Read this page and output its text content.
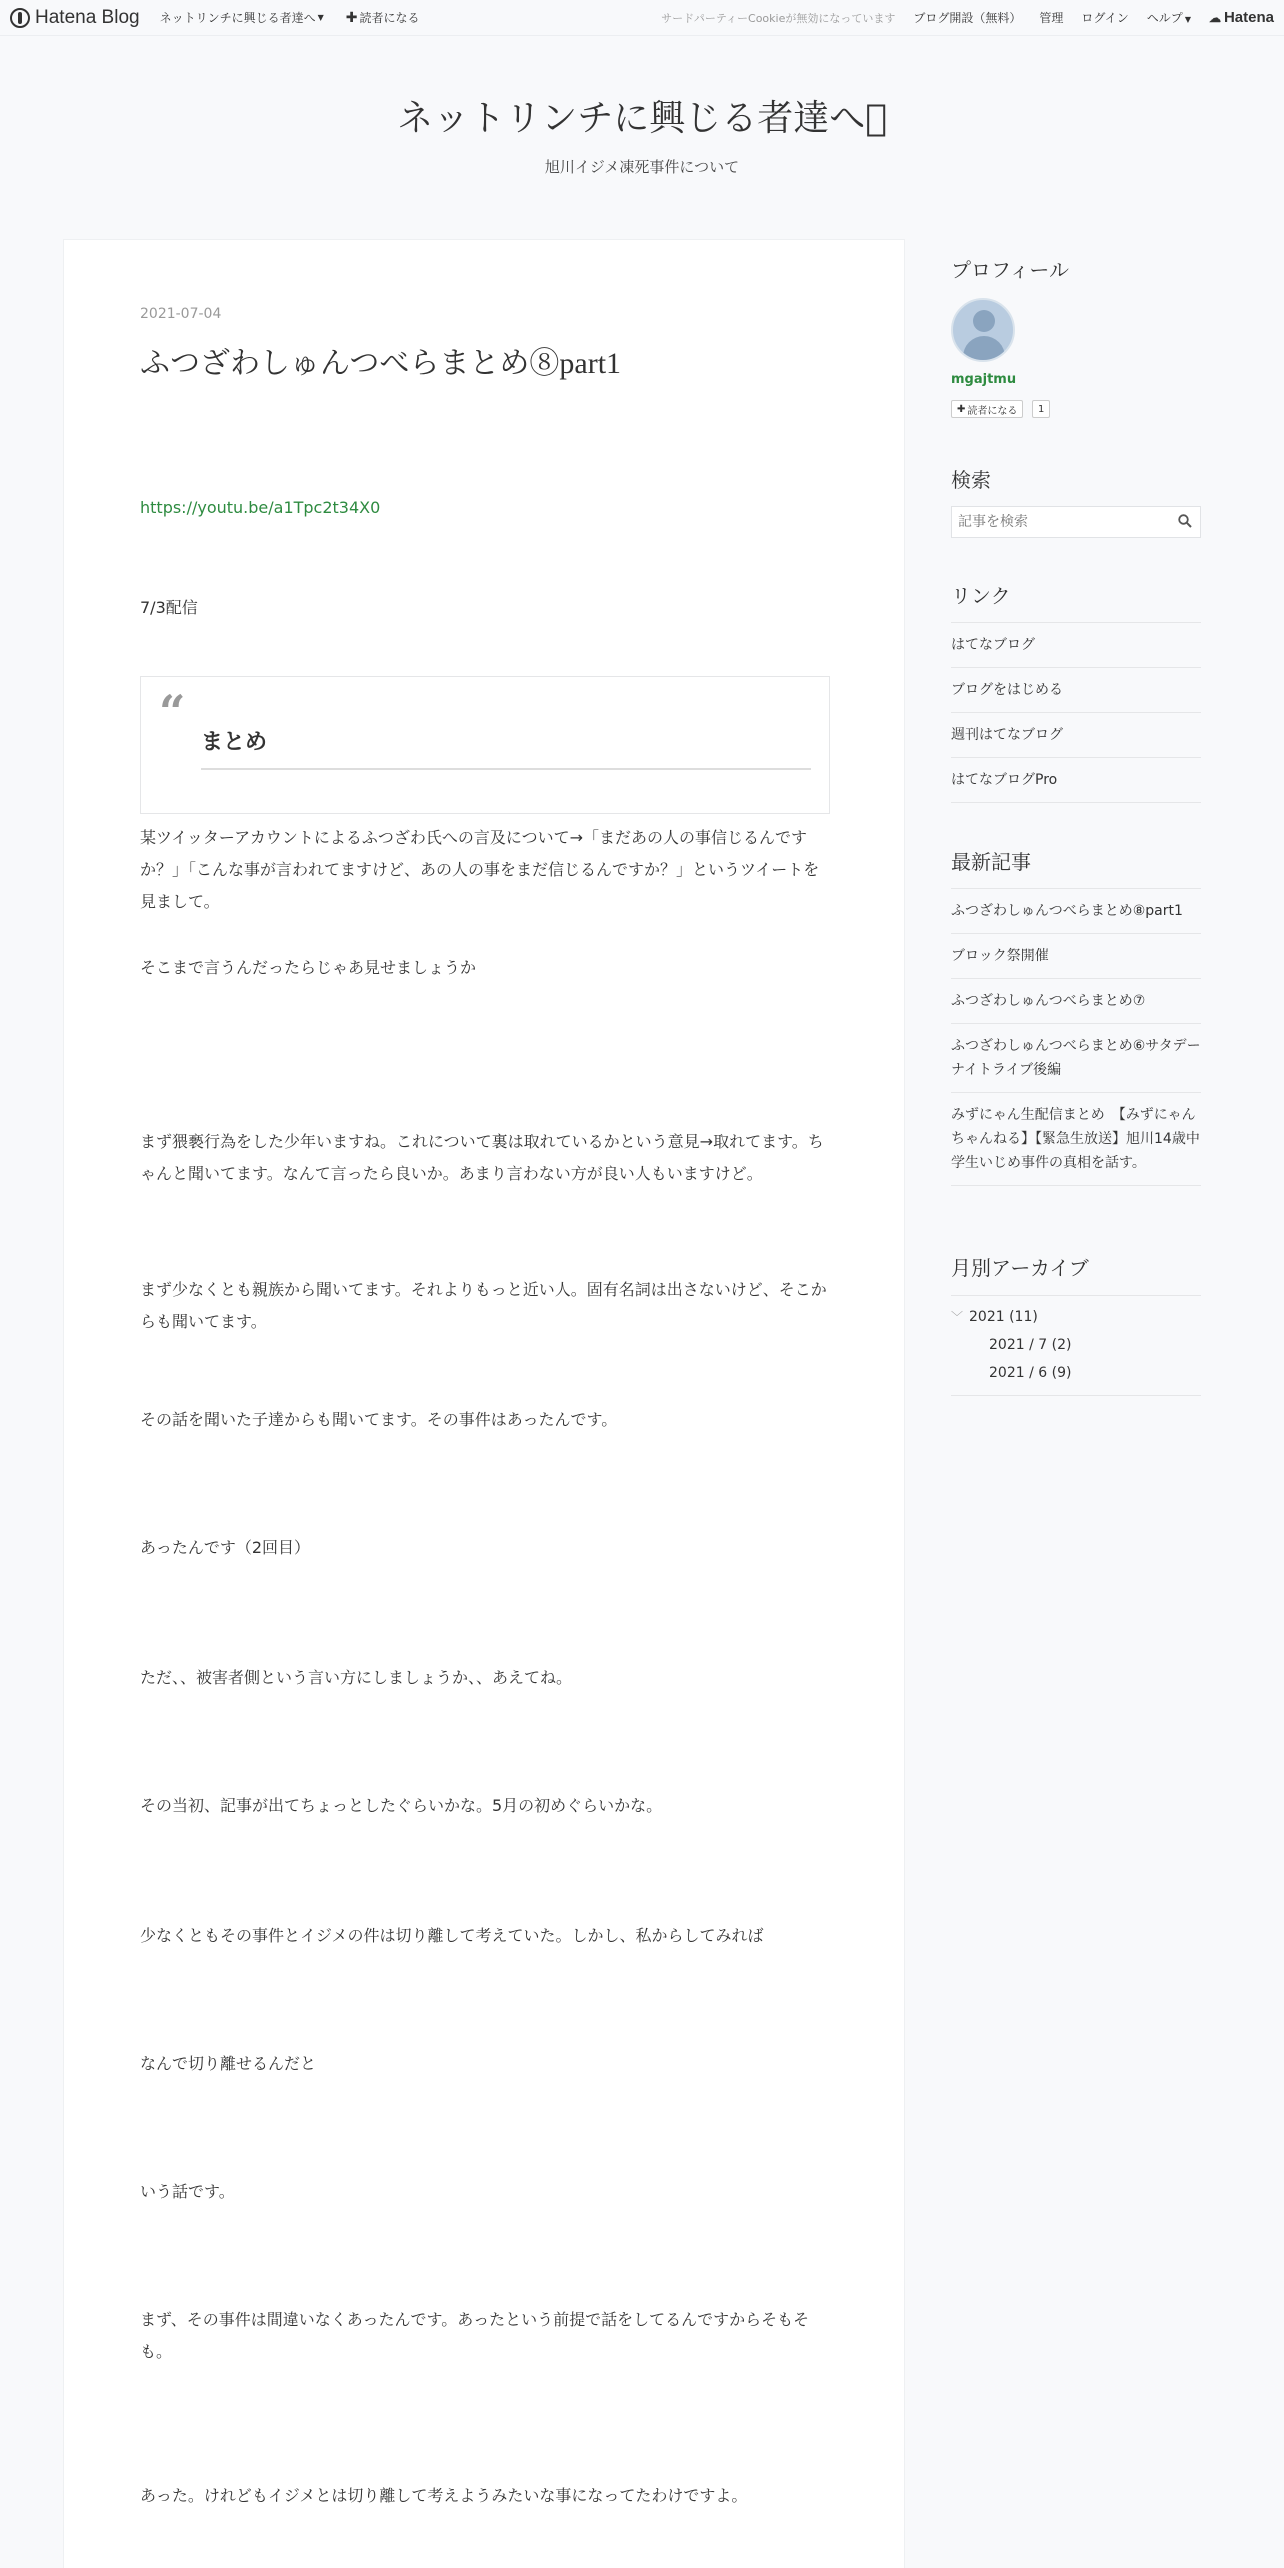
Hatena Blog ネットリンチに興じる者達へ ▼ ✚ 読者になる	サードパーティーCookieが無効になっています ブログ開設（無料） 管理 ログイン ヘルプ ▼ ☁ Hatena
ネットリンチに興じる者達へ 
旭川イジメ凍死事件について
2021-07-04
ふつざわしゅんつべらまとめ⑧part1
https://youtu.be/a1Tpc2t34X0
7/3配信
“
まとめ
某ツイッターアカウントによるふつざわ氏への言及について→「まだあの人の事信じるんですか？」「こんな事が言われてますけど、あの人の事をまだ信じるんですか？」というツイートを見まして。
そこまで言うんだったらじゃあ見せましょうか
まず猥褻行為をした少年いますね。これについて裏は取れているかという意見→取れてます。ちゃんと聞いてます。なんて言ったら良いか。あまり言わない方が良い人もいますけど。
まず少なくとも親族から聞いてます。それよりもっと近い人。固有名詞は出さないけど、そこからも聞いてます。
その話を聞いた子達からも聞いてます。その事件はあったんです。
あったんです（2回目）
ただ、、被害者側という言い方にしましょうか、、あえてね。
その当初、記事が出てちょっとしたぐらいかな。5月の初めぐらいかな。
少なくともその事件とイジメの件は切り離して考えていた。しかし、私からしてみれば
なんで切り離せるんだと
いう話です。
まず、その事件は間違いなくあったんです。あったという前提で話をしてるんですからそもそも。
あった。けれどもイジメとは切り離して考えようみたいな事になってたわけですよ。
プロフィール
mgajtmu
✚ 読者になる	1
検索
記事を検索
リンク
はてなブログ
ブログをはじめる
週刊はてなブログ
はてなブログPro
最新記事
ふつざわしゅんつべらまとめ⑧part1
ブロック祭開催
ふつざわしゅんつべらまとめ⑦
ふつざわしゅんつべらまとめ⑥サタデーナイトライブ後編
みずにゃん生配信まとめ　【みずにゃんちゃんねる】【緊急生放送】旭川14歳中学生いじめ事件の真相を話す。
月別アーカイブ
﹀ 2021 (11)
2021 / 7 (2)
2021 / 6 (9)
